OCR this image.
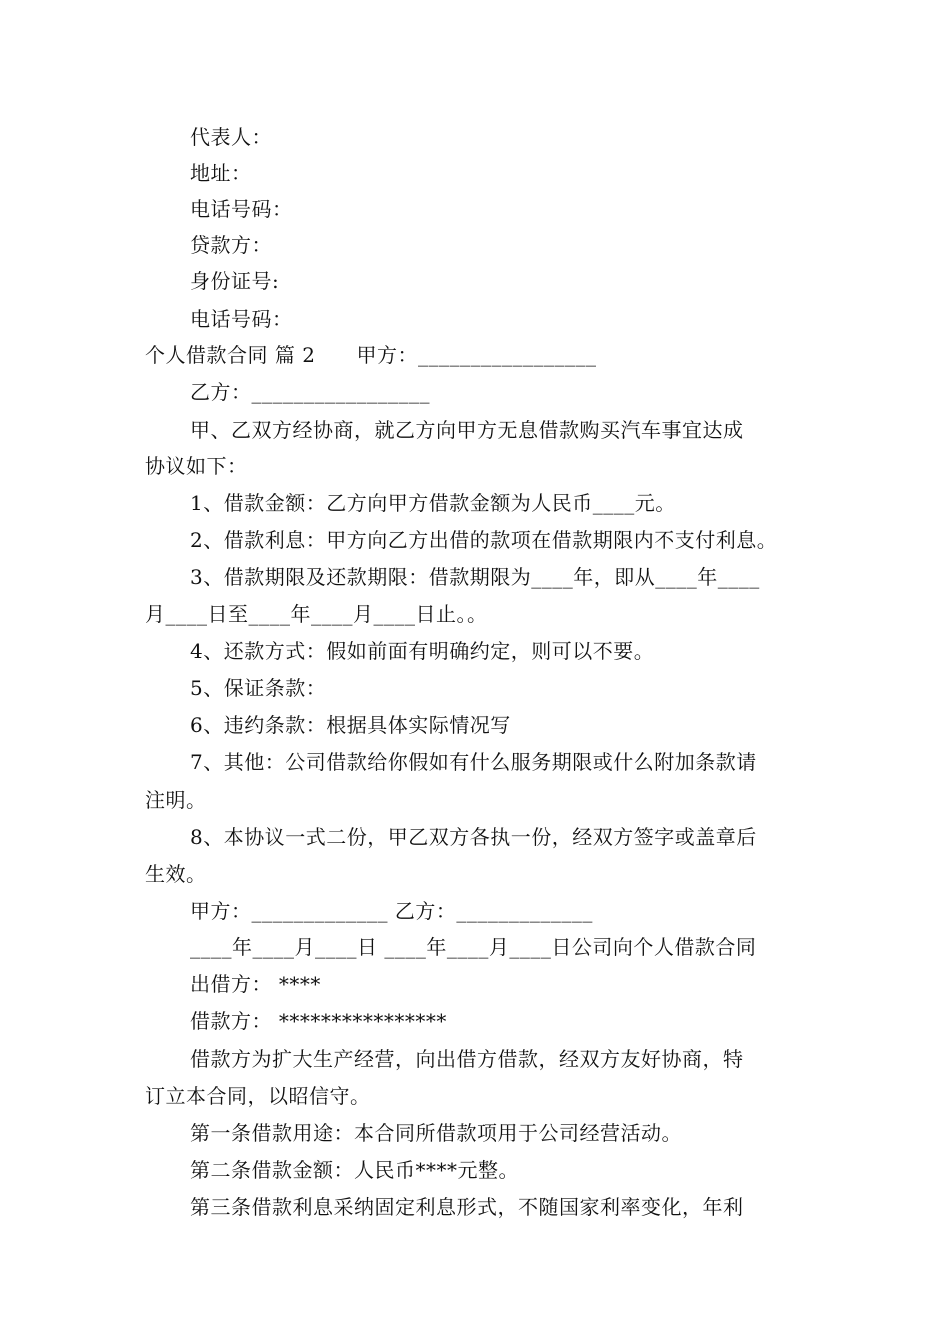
代表人：
地址：
电话号码：
贷款方：
身份证号:
电话号码：
个人借款合同 篇 2　　甲方：_________________
乙方：_________________
甲、乙双方经协商，就乙方向甲方无息借款购买汽车事宜达成
协议如下：
1、借款金额：乙方向甲方借款金额为人民币____元。
2、借款利息：甲方向乙方出借的款项在借款期限内不支付利息。
3、借款期限及还款期限：借款期限为____年，即从____年____
月____日至____年____月____日止。。
4、还款方式：假如前面有明确约定，则可以不要。
5、保证条款：
6、违约条款：根据具体实际情况写
7、其他：公司借款给你假如有什么服务期限或什么附加条款请
注明。
8、本协议一式二份，甲乙双方各执一份，经双方签字或盖章后
生效。
甲方：_____________ 乙方：_____________
____年____月____日 ____年____月____日公司向个人借款合同
出借方： ****
借款方： ****************
借款方为扩大生产经营，向出借方借款，经双方友好协商，特
订立本合同，以昭信守。
第一条借款用途：本合同所借款项用于公司经营活动。
第二条借款金额：人民币****元整。
第三条借款利息采纳固定利息形式，不随国家利率变化，年利
